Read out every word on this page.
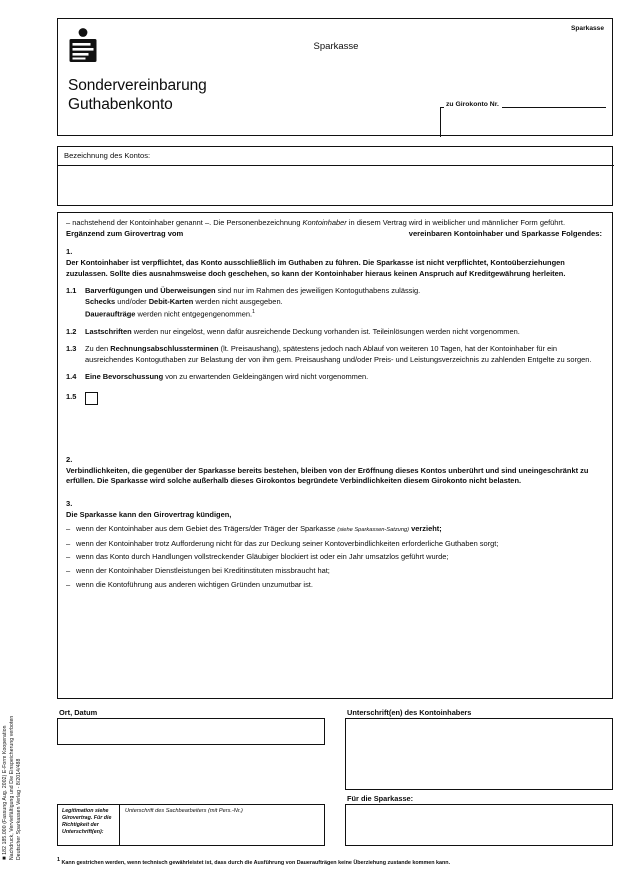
■ 182 185.000 (Fassung Aug. 2002) E-Form Kooperation Nachdruck, Vervielfältigung und Die Einspeicherung verboten Deutscher Sparkassen Verlag - 8/2014/488
Sparkasse
Sparkasse
Sondervereinbarung
Guthabenkonto	zu Girokonto Nr.
Bezeichnung des Kontos:
– nachstehend der Kontoinhaber genannt –. Die Personenbezeichnung Kontoinhaber in diesem Vertrag wird in weiblicher und männlicher Form geführt.
Ergänzend zum Girovertrag vom	vereinbaren Kontoinhaber und Sparkasse Folgendes:
1.
Der Kontoinhaber ist verpflichtet, das Konto ausschließlich im Guthaben zu führen. Die Sparkasse ist nicht verpflichtet, Kontoüberziehungen zuzulassen. Sollte dies ausnahmsweise doch geschehen, so kann der Kontoinhaber hieraus keinen Anspruch auf Kreditgewährung herleiten.
1.1	Barverfügungen und Überweisungen sind nur im Rahmen des jeweiligen Kontoguthabens zulässig.
Schecks und/oder Debit-Karten werden nicht ausgegeben.
Daueraufträge werden nicht entgegengenommen.$^1$
1.2	Lastschriften werden nur eingelöst, wenn dafür ausreichende Deckung vorhanden ist. Teileinlösungen werden nicht vorgenommen.
1.3	Zu den Rechnungsabschlussterminen (lt. Preisaushang), spätestens jedoch nach Ablauf von weiteren 10 Tagen, hat der Kontoinhaber für ein ausreichendes Kontoguthaben zur Belastung der von ihm gem. Preisaushang und/oder Preis- und Leistungsverzeichnis zu zahlenden Entgelte zu sorgen.
1.4	Eine Bevorschussung von zu erwartenden Geldeingängen wird nicht vorgenommen.
1.5
2.
Verbindlichkeiten, die gegenüber der Sparkasse bereits bestehen, bleiben von der Eröffnung dieses Kontos unberührt und sind uneingeschränkt zu erfüllen. Die Sparkasse wird solche außerhalb dieses Girokontos begründete Verbindlichkeiten diesem Girokonto nicht belasten.
3.
Die Sparkasse kann den Girovertrag kündigen,
– wenn der Kontoinhaber aus dem Gebiet des Trägers/der Träger der Sparkasse (siehe Sparkassen-Satzung) verzieht;
– wenn der Kontoinhaber trotz Aufforderung nicht für das zur Deckung seiner Kontoverbindlichkeiten erforderliche Guthaben sorgt;
– wenn das Konto durch Handlungen vollstreckender Gläubiger blockiert ist oder ein Jahr umsatzlos geführt wurde;
– wenn der Kontoinhaber Dienstleistungen bei Kreditinstituten missbraucht hat;
– wenn die Kontoführung aus anderen wichtigen Gründen unzumutbar ist.
Ort, Datum	Unterschrift(en) des Kontoinhabers
Für die Sparkasse:
Legitimation siehe Girovertrag. Für die Richtigkeit der Unterschrift(en):
Unterschrift des Sachbearbeiters (mit Pers.-Nr.)
$^1$ Kann gestrichen werden, wenn technisch gewährleistet ist, dass durch die Ausführung von Daueraufträgen keine Überziehung zustande kommen kann.
